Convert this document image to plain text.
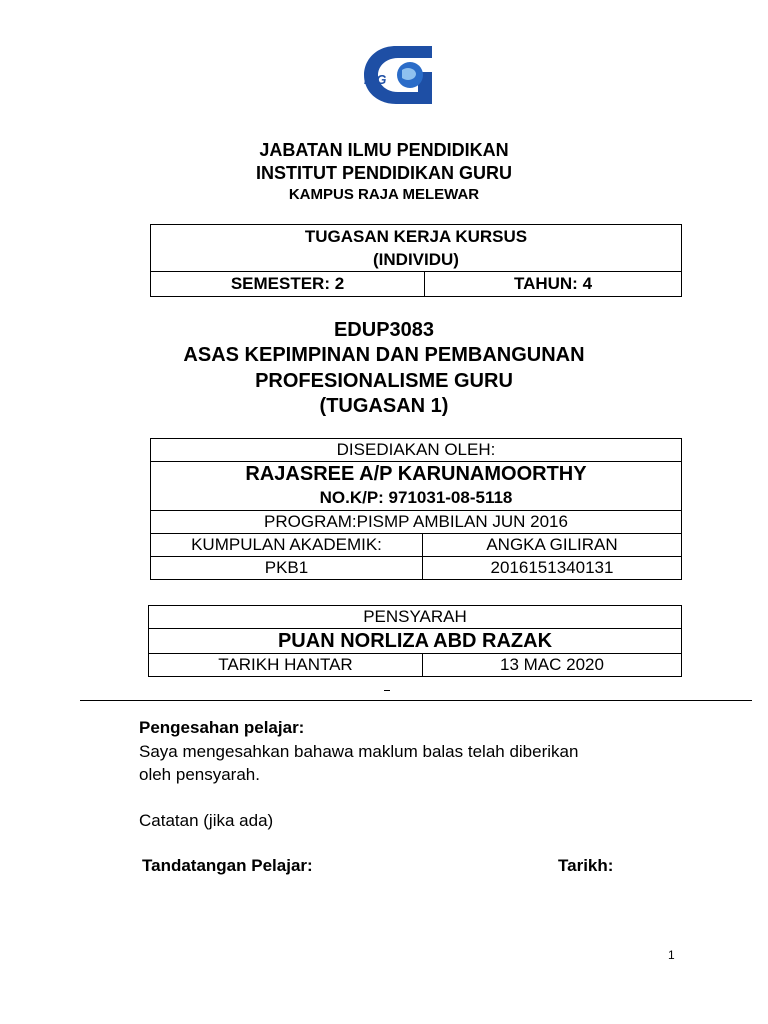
IPG
JABATAN ILMU PENDIDIKAN
INSTITUT PENDIDIKAN GURU
KAMPUS RAJA MELEWAR
TUGASAN KERJA KURSUS
(INDIVIDU)

SEMESTER: 2	TAHUN: 4
EDUP3083
ASAS KEPIMPINAN DAN PEMBANGUNAN
PROFESIONALISME GURU
(TUGASAN 1)
DISEDIAKAN OLEH:	

RAJASREE A/P KARUNAMOORTHY
NO.K/P: 971031-08-5118	

PROGRAM:PISMP AMBILAN JUN 2016	
KUMPULAN AKADEMIK:	ANGKA GILIRAN
PKB1	2016151340131
PENSYARAH
PUAN NORLIZA ABD RAZAK
TARIKH HANTAR	13 MAC 2020
Pengesahan pelajar:
Saya mengesahkan bahawa maklum balas telah diberikan
oleh pensyarah.
Catatan (jika ada)
Tandatangan Pelajar:	Tarikh:
1
